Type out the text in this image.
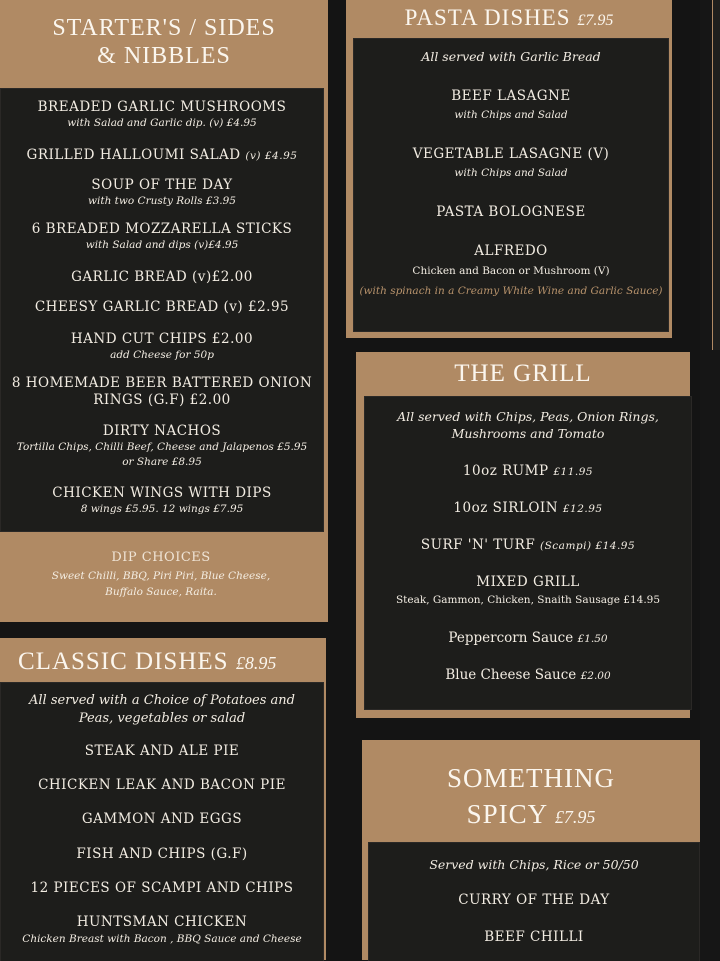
STARTER'S / SIDES
& NIBBLES
BREADED GARLIC MUSHROOMS
with Salad and Garlic dip. (v) £4.95
GRILLED HALLOUMI SALAD (v) £4.95
SOUP OF THE DAY
with two Crusty Rolls £3.95
6 BREADED MOZZARELLA STICKS
with Salad and dips (v)£4.95
GARLIC BREAD (v)£2.00
CHEESY GARLIC BREAD (v) £2.95
HAND CUT CHIPS £2.00
add Cheese for 50p
8 HOMEMADE BEER BATTERED ONION
RINGS (G.F) £2.00
DIRTY NACHOS
Tortilla Chips, Chilli Beef, Cheese and Jalapenos £5.95
or Share £8.95
CHICKEN WINGS WITH DIPS
8 wings £5.95. 12 wings £7.95
DIP CHOICES
Sweet Chilli, BBQ, Piri Piri, Blue Cheese,
Buffalo Sauce, Raita.
CLASSIC DISHES £8.95
All served with a Choice of Potatoes and
Peas, vegetables or salad
STEAK AND ALE PIE
CHICKEN LEAK AND BACON PIE
GAMMON AND EGGS
FISH AND CHIPS (G.F)
12 PIECES OF SCAMPI AND CHIPS
HUNTSMAN CHICKEN
Chicken Breast with Bacon , BBQ Sauce and Cheese
PASTA DISHES £7.95
All served with Garlic Bread
BEEF LASAGNE
with Chips and Salad
VEGETABLE LASAGNE (V)
with Chips and Salad
PASTA BOLOGNESE
ALFREDO
Chicken and Bacon or Mushroom (V)
(with spinach in a Creamy White Wine and Garlic Sauce)
THE GRILL
All served with Chips, Peas, Onion Rings,
Mushrooms and Tomato
10oz RUMP £11.95
10oz SIRLOIN £12.95
SURF 'N' TURF (Scampi) £14.95
MIXED GRILL
Steak, Gammon, Chicken, Snaith Sausage £14.95
Peppercorn Sauce £1.50
Blue Cheese Sauce £2.00
SOMETHING
SPICY £7.95
Served with Chips, Rice or 50/50
CURRY OF THE DAY
BEEF CHILLI
